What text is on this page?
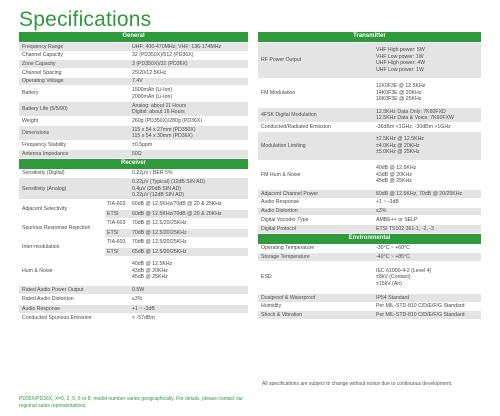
Specifications
General		
Frequency Range		UHF: 400-470MHz; VHF: 136-174MHz
Channel Capacity		32 (PD350X)/512 (PD36X)
Zone Capacity		3 (PD350X)/32 (PD36X)
Channel Spacing		25/20/12.5KHz
Operating Voltage		7.4V
Battery		1500mAh (Li-Ion)
2000mAh (Li-Ion)
Battery Life (5/5/90)		Analog: about 11 Hours
Digital: about 16 Hours
Weight		260g (PD350X)/280g (PD36X)
Dimensions		115 x 54 x 27mm (PD350X)
115 x 54 x 30mm (PD36X)
Frequency Stability		±0.5ppm
Antenna Impedance		50Ω
Receiver		
Sensitivity (Digital)		0.22μV / BER 5%
Sensitivity (Analog)		0.22μV (Typical) (12dB SIN AD)
0.4μV (20dB SIN AD)
0.22μV (12dB SIN AD)
Adjacent Selectivity	TIA-603	60dB @ 12.5KHz/70dB @ 20 & 25KHz
	ETSI	60dB @ 12.5KHz/70dB @ 20 & 25KHz
Spurious Response Rejection	TIA-603	70dB @ 12.5/20/25KHz
	ETSI	70dB @ 12.5/20/25KHz
Inter-modulation	TIA-603	70dB @ 12.5/20/25KHz
	ETSI	65dB @ 12.5/20/25KHz
Hum & Noise		40dB @ 12.5KHz
43dB @ 20KHz
45dB @ 25KHz
Rated Audio Power Output		0.5W
Rated Audio Distortion		≤3%
Audio Response		+1 ~ -3dB
Conducted Spurious Emission		< -57dBm
Transmitter	
RF Power Output	VHF High power: 5W
VHF Low power: 1W
UHF High power: 4W
UHF Low power: 1W
FM Modulation	11K0F3E @ 12.5KHz
14K0F3E @ 20KHz
16K0F3E @ 25KHz
4FSK Digital Modulation	12.5KHz Data Only: 7K60FXD
12.5KHz Data & Voice: 7K60FXW
Conducted/Radiated Emission	-36dBm <1GHz, -30dBm >1GHz
Modulation Limiting	±2.5KHz @ 12.5KHz
±4.0KHz @ 20KHz
±5.0KHz @ 25KHz
FM Hum & Noise	40dB @ 12.5KHz
43dB @ 20KHz
45dB @ 25KHz
Adjacent Channel Power	60dB @ 12.5KHz, 70dB @ 20/25KHz
Audio Response	+1 ~ -3dB
Audio Distortion	≤3%
Digital Vocoder Type	AMBE++ or SELP
Digital Protocol	ETSI TS102 361-1, -2, -3
Environmental	
Operating Temperature	-30°C ~ +60°C
Storage Temperature	-40°C ~ +85°C
ESD	IEC 61000-4-2 (Level 4)
±8kV (Contact)
±15kV (Air)
Dustproof & Waterproof	IP54 Standard
Humidity	Per MIL-STD-810 C/D/E/F/G Standard
Shock & Vibration	Per MIL-STD-810 C/D/E/F/G Standard
All specifications are subject to change without notice due to continuous development.
PD35X/PD36X, X=0, 2, 5, 6 or 8, model number varies geographically. For details, please contact our
regional sales representatives.
